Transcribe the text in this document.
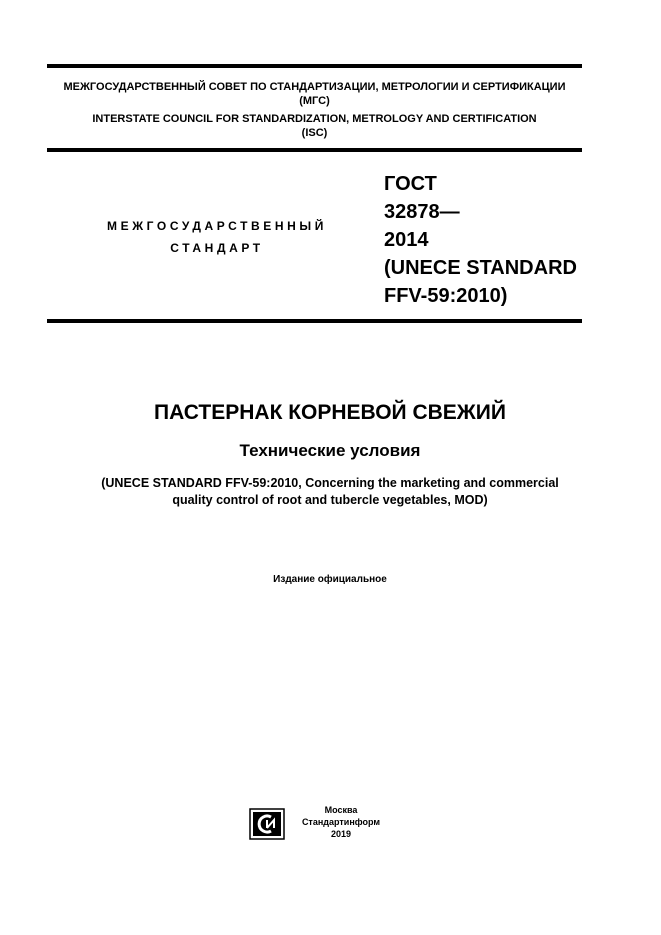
МЕЖГОСУДАРСТВЕННЫЙ СОВЕТ ПО СТАНДАРТИЗАЦИИ, МЕТРОЛОГИИ И СЕРТИФИКАЦИИ
(МГС)
INTERSTATE COUNCIL FOR STANDARDIZATION, METROLOGY AND CERTIFICATION
(ISC)
МЕЖГОСУДАРСТВЕННЫЙ
СТАНДАРТ
ГОСТ
32878—
2014
(UNECE STANDARD
FFV-59:2010)
ПАСТЕРНАК КОРНЕВОЙ СВЕЖИЙ
Технические условия
(UNECE STANDARD FFV-59:2010, Concerning the marketing and commercial
quality control of root and tubercle vegetables, MOD)
Издание официальное
Москва
Стандартинформ
2019
